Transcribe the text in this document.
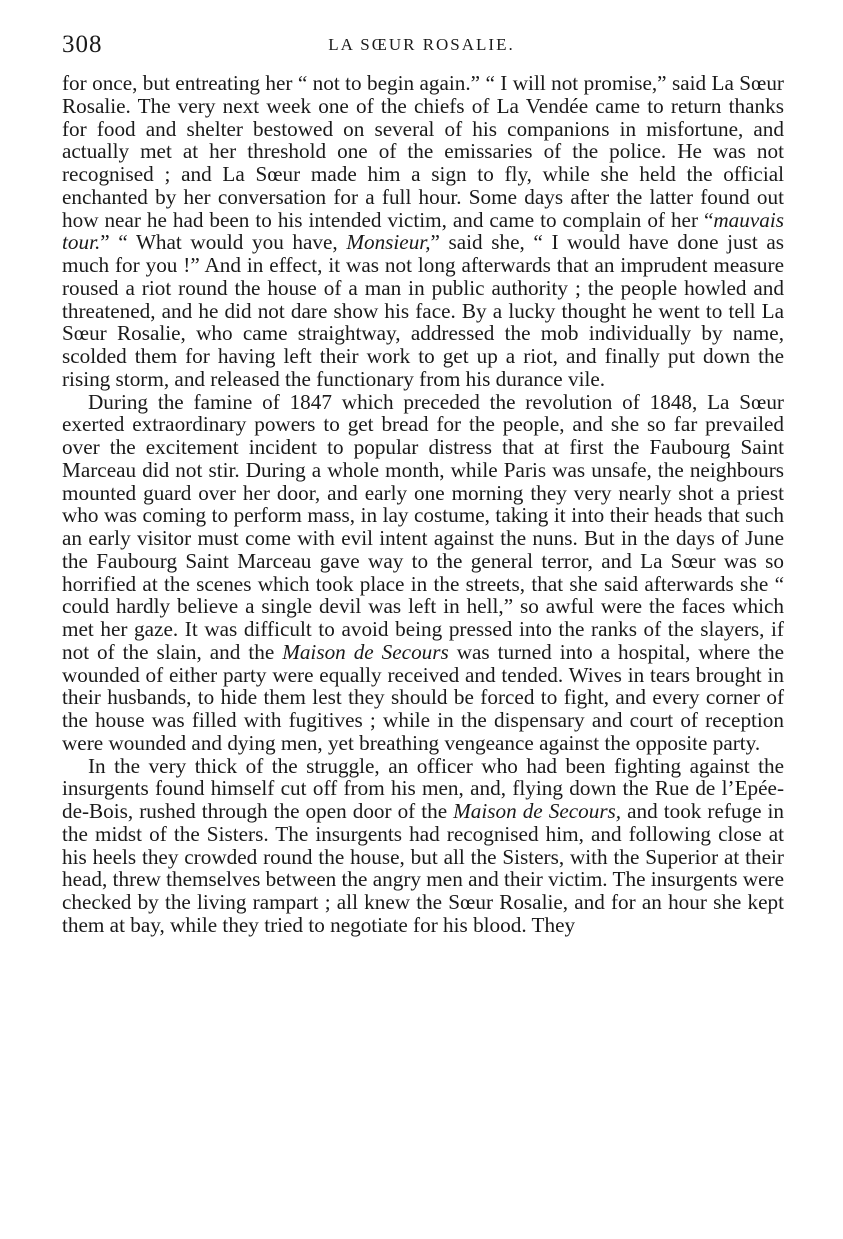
308	LA SŒUR ROSALIE.

for once, but entreating her “ not to begin again.” “ I will not promise,” said La Sœur Rosalie. The very next week one of the chiefs of La Vendée came to return thanks for food and shelter bestowed on several of his companions in misfortune, and actually met at her threshold one of the emissaries of the police. He was not recognised ; and La Sœur made him a sign to fly, while she held the official enchanted by her conversation for a full hour. Some days after the latter found out how near he had been to his intended victim, and came to complain of her “mauvais tour.” “ What would you have, Monsieur,” said she, “ I would have done just as much for you !” And in effect, it was not long afterwards that an imprudent measure roused a riot round the house of a man in public authority ; the people howled and threatened, and he did not dare show his face. By a lucky thought he went to tell La Sœur Rosalie, who came straightway, addressed the mob individually by name, scolded them for having left their work to get up a riot, and finally put down the rising storm, and released the functionary from his durance vile.

During the famine of 1847 which preceded the revolution of 1848, La Sœur exerted extraordinary powers to get bread for the people, and she so far prevailed over the excitement incident to popular distress that at first the Faubourg Saint Marceau did not stir. During a whole month, while Paris was unsafe, the neighbours mounted guard over her door, and early one morning they very nearly shot a priest who was coming to perform mass, in lay costume, taking it into their heads that such an early visitor must come with evil intent against the nuns. But in the days of June the Faubourg Saint Marceau gave way to the general terror, and La Sœur was so horrified at the scenes which took place in the streets, that she said afterwards she “ could hardly believe a single devil was left in hell,” so awful were the faces which met her gaze. It was difficult to avoid being pressed into the ranks of the slayers, if not of the slain, and the Maison de Secours was turned into a hospital, where the wounded of either party were equally received and tended. Wives in tears brought in their husbands, to hide them lest they should be forced to fight, and every corner of the house was filled with fugitives ; while in the dispensary and court of reception were wounded and dying men, yet breathing vengeance against the opposite party.

In the very thick of the struggle, an officer who had been fighting against the insurgents found himself cut off from his men, and, flying down the Rue de l’Epée-de-Bois, rushed through the open door of the Maison de Secours, and took refuge in the midst of the Sisters. The insurgents had recognised him, and following close at his heels they crowded round the house, but all the Sisters, with the Superior at their head, threw themselves between the angry men and their victim. The insurgents were checked by the living rampart ; all knew the Sœur Rosalie, and for an hour she kept them at bay, while they tried to negotiate for his blood. They
